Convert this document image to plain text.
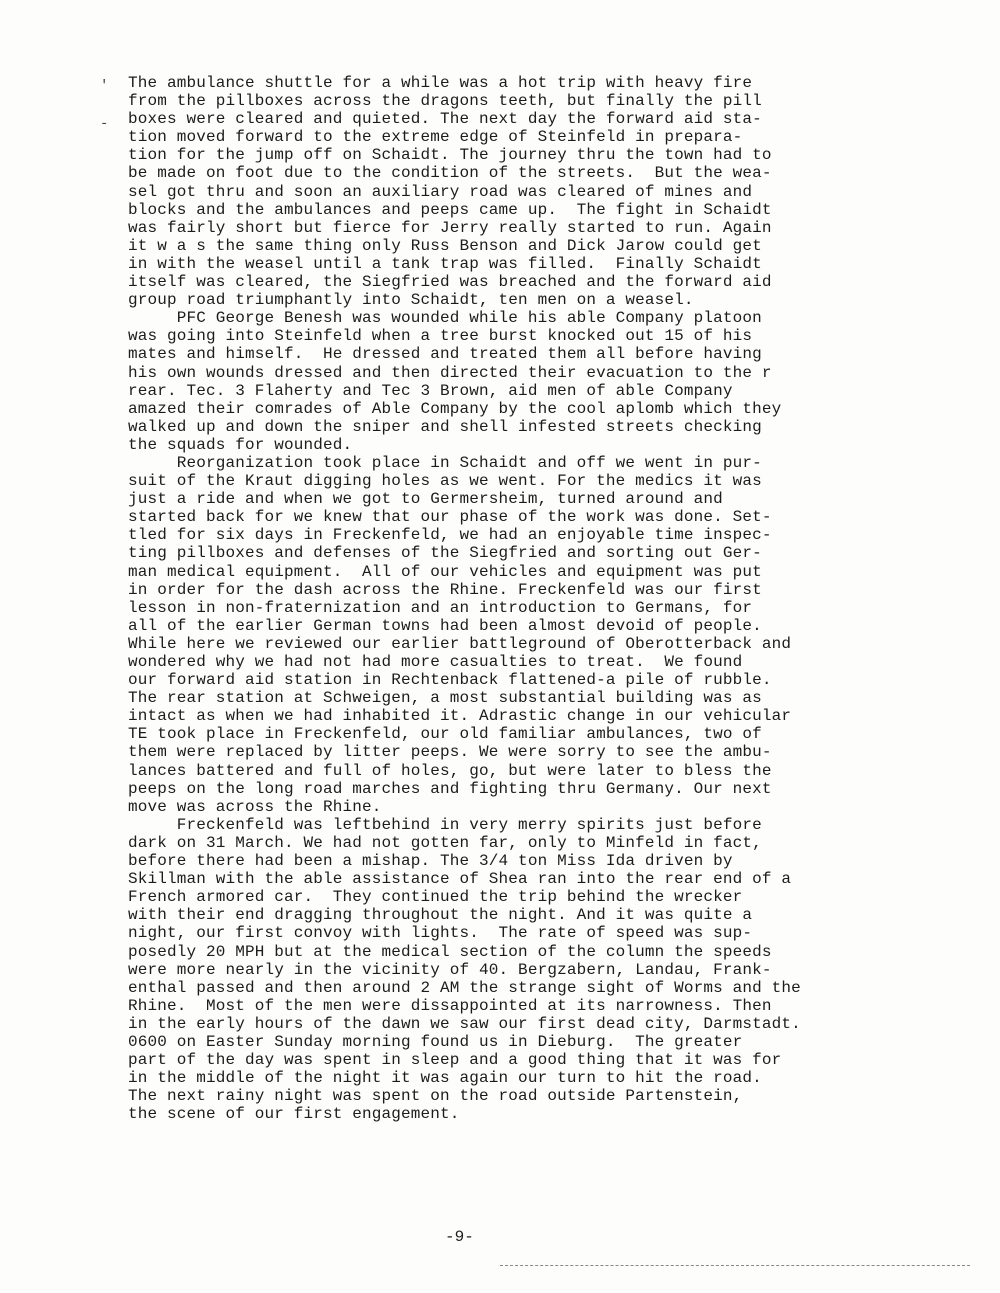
'
-
The ambulance shuttle for a while was a hot trip with heavy fire
from the pillboxes across the dragons teeth, but finally the pill
boxes were cleared and quieted. The next day the forward aid sta-
tion moved forward to the extreme edge of Steinfeld in prepara-
tion for the jump off on Schaidt. The journey thru the town had to
be made on foot due to the condition of the streets.  But the wea-
sel got thru and soon an auxiliary road was cleared of mines and
blocks and the ambulances and peeps came up.  The fight in Schaidt
was fairly short but fierce for Jerry really started to run. Again
it w a s the same thing only Russ Benson and Dick Jarow could get
in with the weasel until a tank trap was filled.  Finally Schaidt
itself was cleared, the Siegfried was breached and the forward aid
group road triumphantly into Schaidt, ten men on a weasel.
PFC George Benesh was wounded while his able Company platoon
was going into Steinfeld when a tree burst knocked out 15 of his
mates and himself.  He dressed and treated them all before having
his own wounds dressed and then directed their evacuation to the r
rear. Tec. 3 Flaherty and Tec 3 Brown, aid men of able Company
amazed their comrades of Able Company by the cool aplomb which they
walked up and down the sniper and shell infested streets checking
the squads for wounded.
Reorganization took place in Schaidt and off we went in pur-
suit of the Kraut digging holes as we went. For the medics it was
just a ride and when we got to Germersheim, turned around and
started back for we knew that our phase of the work was done. Set-
tled for six days in Freckenfeld, we had an enjoyable time inspec-
ting pillboxes and defenses of the Siegfried and sorting out Ger-
man medical equipment.  All of our vehicles and equipment was put
in order for the dash across the Rhine. Freckenfeld was our first
lesson in non-fraternization and an introduction to Germans, for
all of the earlier German towns had been almost devoid of people.
While here we reviewed our earlier battleground of Oberotterback and
wondered why we had not had more casualties to treat.  We found
our forward aid station in Rechtenback flattened-a pile of rubble.
The rear station at Schweigen, a most substantial building was as
intact as when we had inhabited it. Adrastic change in our vehicular
TE took place in Freckenfeld, our old familiar ambulances, two of
them were replaced by litter peeps. We were sorry to see the ambu-
lances battered and full of holes, go, but were later to bless the
peeps on the long road marches and fighting thru Germany. Our next
move was across the Rhine.
Freckenfeld was leftbehind in very merry spirits just before
dark on 31 March. We had not gotten far, only to Minfeld in fact,
before there had been a mishap. The 3/4 ton Miss Ida driven by
Skillman with the able assistance of Shea ran into the rear end of a
French armored car.  They continued the trip behind the wrecker
with their end dragging throughout the night. And it was quite a
night, our first convoy with lights.  The rate of speed was sup-
posedly 20 MPH but at the medical section of the column the speeds
were more nearly in the vicinity of 40. Bergzabern, Landau, Frank-
enthal passed and then around 2 AM the strange sight of Worms and the
Rhine.  Most of the men were dissappointed at its narrowness. Then
in the early hours of the dawn we saw our first dead city, Darmstadt.
0600 on Easter Sunday morning found us in Dieburg.  The greater
part of the day was spent in sleep and a good thing that it was for
in the middle of the night it was again our turn to hit the road.
The next rainy night was spent on the road outside Partenstein,
the scene of our first engagement.
-9-
